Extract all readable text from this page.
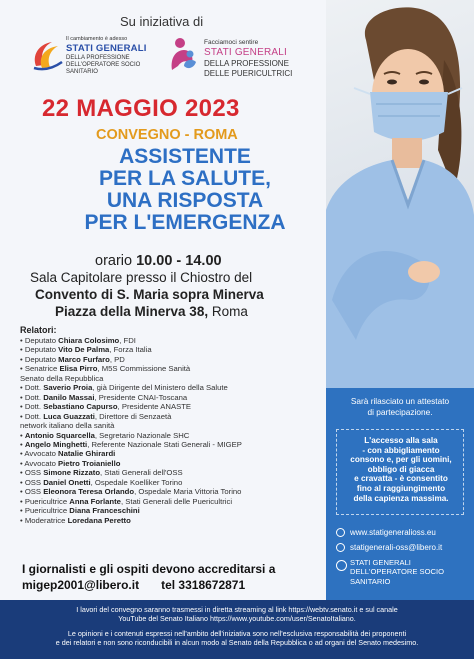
Su iniziativa di
Il cambiamento è adesso
STATI GENERALI
DELLA PROFESSIONE DELL'OPERATORE SOCIO SANITARIO
Facciamoci sentire
STATI GENERALI
DELLA PROFESSIONE
DELLE PUERICULTRICI
22 MAGGIO 2023
CONVEGNO - ROMA
ASSISTENTE
PER LA SALUTE,
UNA RISPOSTA
PER L'EMERGENZA
orario 10.00 - 14.00
Sala Capitolare presso il Chiostro del
Convento di S. Maria sopra Minerva
Piazza della Minerva 38, Roma
Relatori:
• Deputato Chiara Colosimo, FDI
• Deputato Vito De Palma, Forza Italia
• Deputato Marco Furfaro, PD
• Senatrice Elisa Pirro, M5S Commissione Sanità
Senato della Repubblica
• Dott. Saverio Proia, già Dirigente del Ministero della Salute
• Dott. Danilo Massai, Presidente CNAI-Toscana
• Dott. Sebastiano Capurso, Presidente ANASTE
• Dott. Luca Guazzati, Direttore di Senzaetà
network italiano della sanità
• Antonio Squarcella, Segretario Nazionale SHC
• Angelo Minghetti, Referente Nazionale Stati Generali - MIGEP
• Avvocato Natalie Ghirardi
• Avvocato Pietro Troianiello
• OSS Simone Rizzato, Stati Generali dell'OSS
• OSS Daniel Onetti, Ospedale Koelliker Torino
• OSS Eleonora Teresa Orlando, Ospedale Maria Vittoria Torino
• Puericultrice Anna Forlante, Stati Generali delle Puericultrici
• Puericultrice Diana Franceschini
• Moderatrice Loredana Peretto
I giornalisti e gli ospiti devono accreditarsi a
migep2001@libero.it tel 3318672871
Sarà rilasciato un attestato
di partecipazione.
L'accesso alla sala
- con abbigliamento
consono e, per gli uomini,
obbligo di giacca
e cravatta - è consentito
fino al raggiungimento
della capienza massima.
www.statigeneralioss.eu
statigenerali-oss@libero.it
STATI GENERALI
DELL'OPERATORE SOCIO
SANITARIO

I lavori del convegno saranno trasmessi in diretta streaming al link https://webtv.senato.it e sul canale

YouTube del Senato Italiano https://www.youtube.com/user/SenatoItaliano.

Le opinioni e i contenuti espressi nell'ambito dell'iniziativa sono nell'esclusiva responsabilità dei proponenti

e dei relatori e non sono riconducibili in alcun modo al Senato della Repubblica o ad organi del Senato medesimo.
